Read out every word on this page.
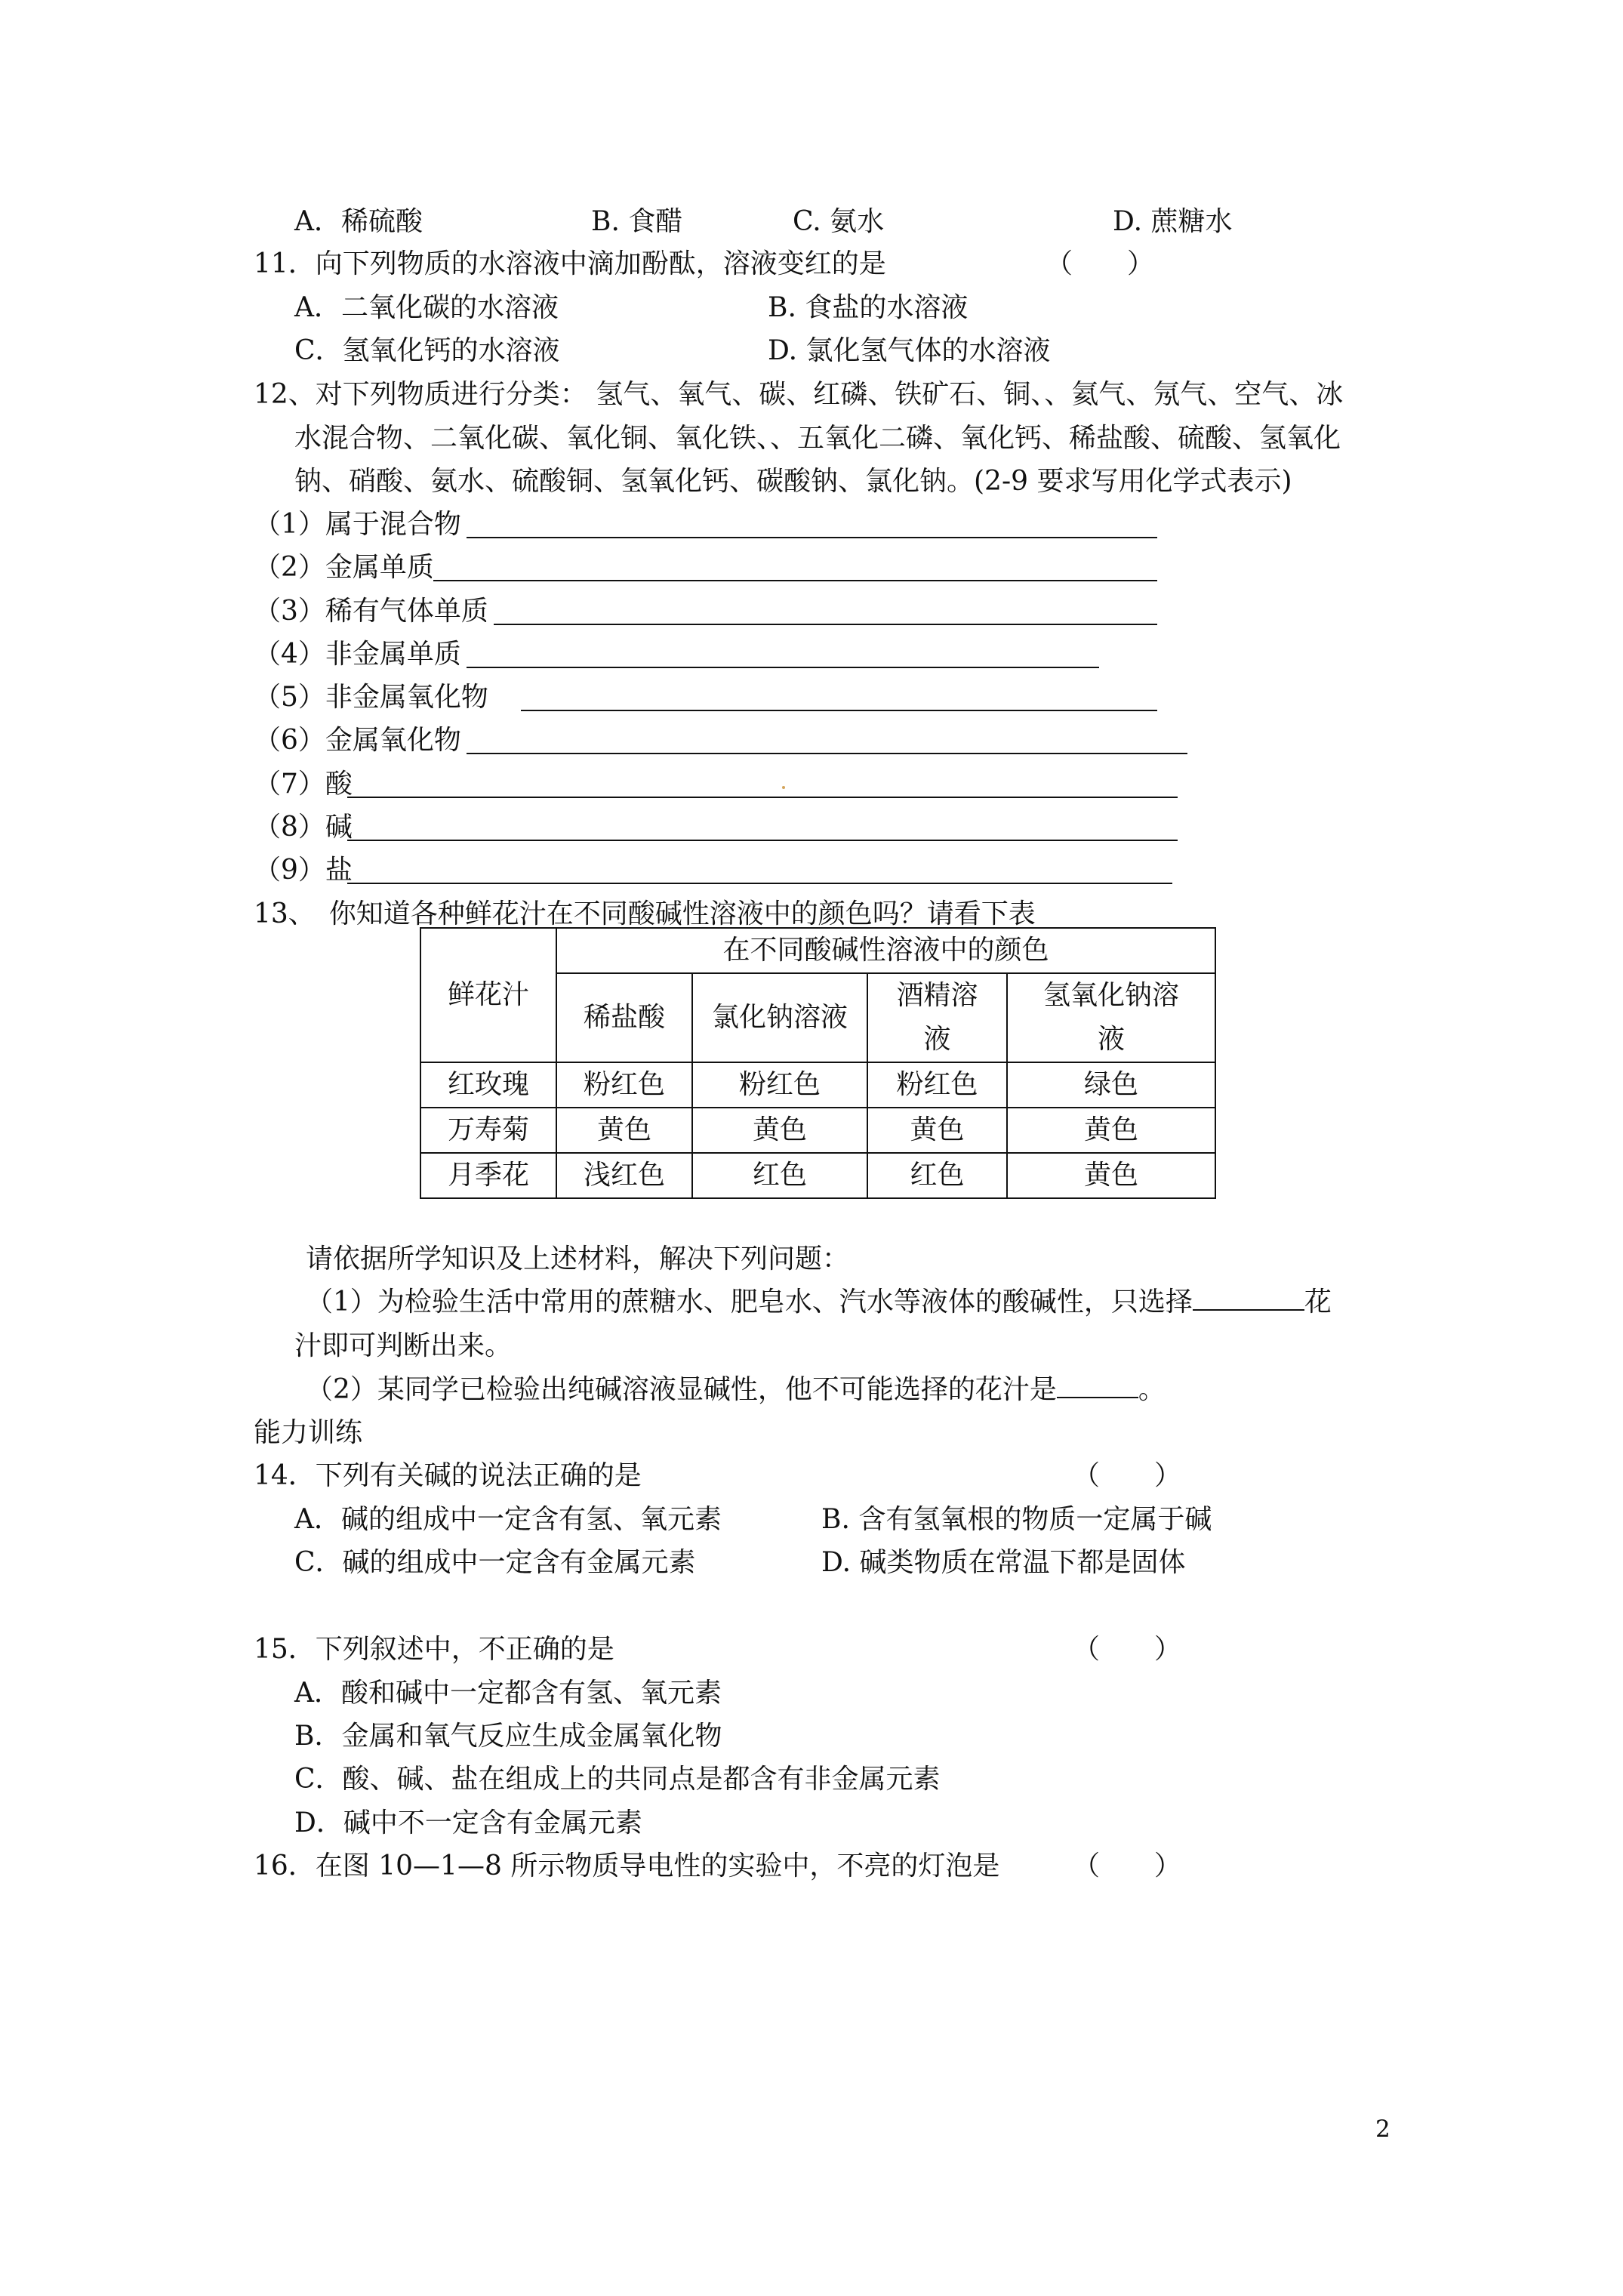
A．稀硫酸	B. 食醋	C. 氨水	D. 蔗糖水
11．向下列物质的水溶液中滴加酚酞，溶液变红的是	（　　）
A．二氧化碳的水溶液	B. 食盐的水溶液
C．氢氧化钙的水溶液	D. 氯化氢气体的水溶液
12、对下列物质进行分类： 氢气、氧气、碳、红磷、铁矿石、铜、、氦气、氖气、空气、冰
水混合物、二氧化碳、氧化铜、氧化铁、、五氧化二磷、氧化钙、稀盐酸、硫酸、氢氧化
钠、硝酸、氨水、硫酸铜、氢氧化钙、碳酸钠、氯化钠。(2-9 要求写用化学式表示)
（1）属于混合物
（2）金属单质
（3）稀有气体单质
（4）非金属单质
（5）非金属氧化物
（6）金属氧化物
（7）酸
（8）碱
（9）盐
13、　你知道各种鲜花汁在不同酸碱性溶液中的颜色吗？请看下表
鲜花汁	在不同酸碱性溶液中的颜色			
	稀盐酸	氯化钠溶液	酒精溶液	氢氧化钠溶液
红玫瑰	粉红色	粉红色	粉红色	绿色
万寿菊	黄色	黄色	黄色	黄色
月季花	浅红色	红色	红色	黄色
请依据所学知识及上述材料，解决下列问题：
（1）为检验生活中常用的蔗糖水、肥皂水、汽水等液体的酸碱性，只选择	花
汁即可判断出来。
（2）某同学已检验出纯碱溶液显碱性，他不可能选择的花汁是	。
能力训练
14．下列有关碱的说法正确的是	（　　）
A．碱的组成中一定含有氢、氧元素	B. 含有氢氧根的物质一定属于碱
C．碱的组成中一定含有金属元素	D. 碱类物质在常温下都是固体
15．下列叙述中，不正确的是	（　　）
A．酸和碱中一定都含有氢、氧元素
B．金属和氧气反应生成金属氧化物
C．酸、碱、盐在组成上的共同点是都含有非金属元素
D．碱中不一定含有金属元素
16．在图 10—1—8 所示物质导电性的实验中，不亮的灯泡是	（　　）
2
